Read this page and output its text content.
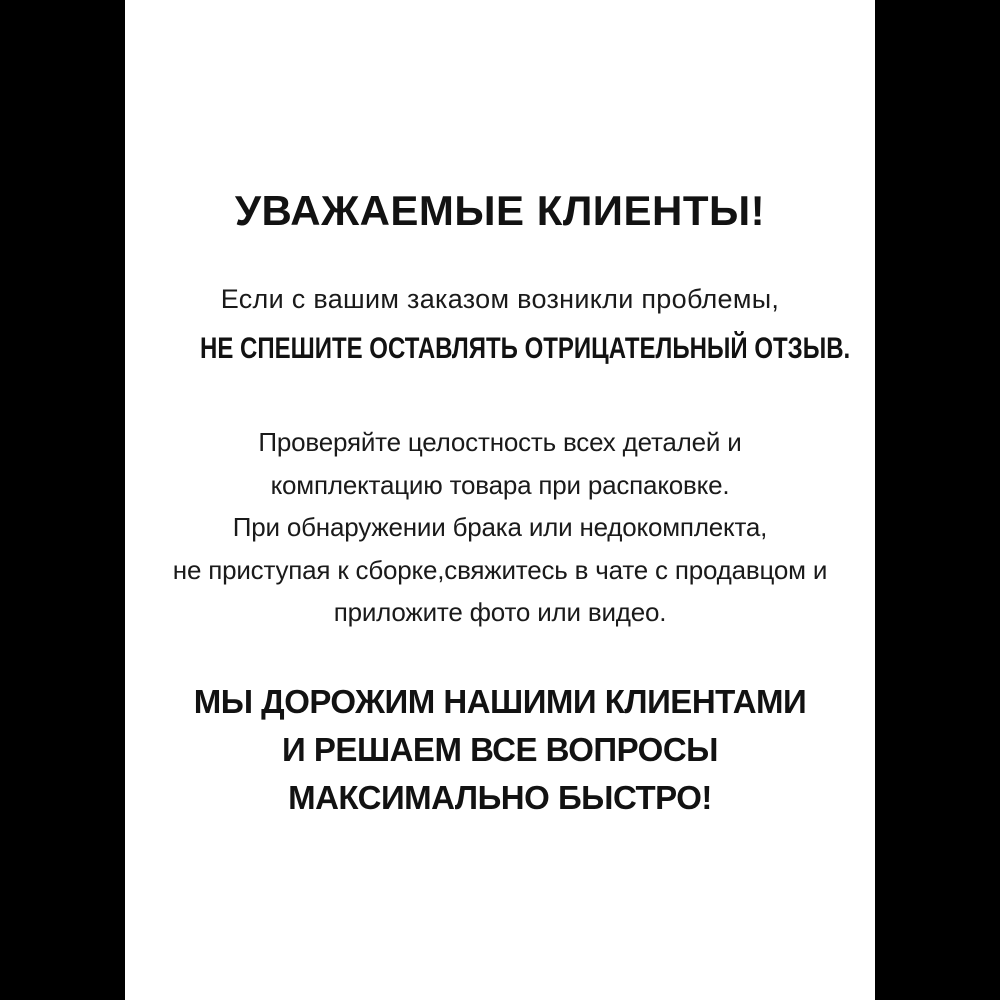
УВАЖАЕМЫЕ КЛИЕНТЫ!
Если с вашим заказом возникли проблемы,
НЕ СПЕШИТЕ ОСТАВЛЯТЬ ОТРИЦАТЕЛЬНЫЙ ОТЗЫВ.
Проверяйте целостность всех деталей и
комплектацию товара при распаковке.
При обнаружении брака или недокомплекта,
не приступая к сборке,свяжитесь в чате с продавцом и
приложите фото или видео.
МЫ ДОРОЖИМ НАШИМИ КЛИЕНТАМИ
И РЕШАЕМ ВСЕ ВОПРОСЫ
МАКСИМАЛЬНО БЫСТРО!
